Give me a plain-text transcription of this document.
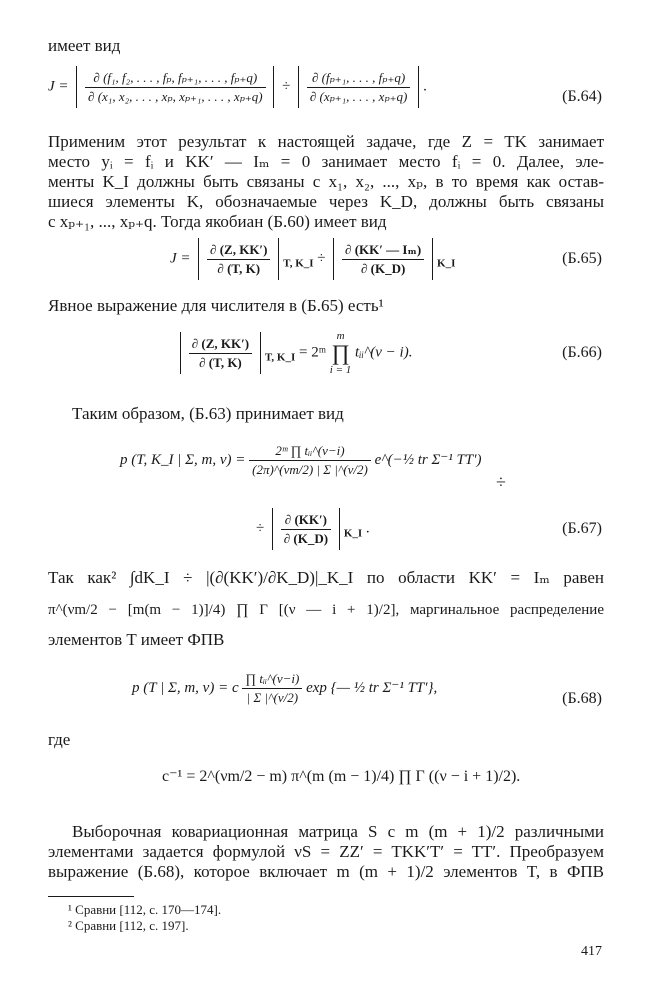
имеет вид
$J = \frac{\text{∂ (f₁, f₂, . . . , fₚ, fₚ₊₁, . . . , fₚ₊q)}}{\text{∂ (x₁, x₂, . . . , xₚ, xₚ₊₁, . . . , xₚ₊q)}} \div \frac{\text{∂ (fₚ₊₁, . . . , fₚ₊q)}}{\text{∂ (xₚ₊₁, . . . , xₚ₊q)}}$ .
(Б.64)
Применим этот результат к настоящей задаче, где Z = TK занимает
место yᵢ = fᵢ и KK′ — Iₘ = 0 занимает место fᵢ = 0. Далее, эле-
менты K_I должны быть связаны с x₁, x₂, ..., xₚ, в то время как остав-
шиеся элементы K, обозначаемые через K_D, должны быть связаны
с xₚ₊₁, ..., xₚ₊q. Тогда якобиан (Б.60) имеет вид
$J = \frac{\partial (Z, KK')}{\partial (T, K)} _{T, K\_I} \div \frac{\text{∂ (KK′ — Iₘ)}}{\partial (K\_D)} _{K\_I}$	(Б.65)
Явное выражение для числителя в (Б.65) есть¹

$\frac{\partial (Z, KK')}{\partial (T, K)} _{T, K\_I}$ = 2ᵐ m
∏
i = 1 tᵢᵢ^(ν − i).	(Б.66)
Таким образом, (Б.63) принимает вид
p (T, K_I | Σ, m, $\nu) = \frac{\text{2ᵐ ∏ tᵢᵢ\textasciicircum{}(ν−i)}}{(2\pi)\^{}(\nu m/2) | \Sigma |\^{}(\nu/2)}$ e^(−½ tr Σ⁻¹ TT′)
÷
÷ $\frac{\partial (KK')}{\partial (K\_D)} _{K\_I}$ .	(Б.67)
Так как² ∫dK_I ÷ |(∂(KK′)/∂K_D)|_K_I по области KK′ = Iₘ равен
π^(νm/2 − [m(m − 1)]/4) ∏ Γ [(ν — i + 1)/2], маргинальное распределение
элементов T имеет ФПВ
p (T | Σ, m, ν) = c $\frac{\text{∏ tᵢᵢ\textasciicircum{}(ν−i)}}{| \Sigma |\^{}(\nu/2)}$ exp {— ½ tr Σ⁻¹ TT′},
(Б.68)
где
c⁻¹ = 2^(νm/2 − m) π^(m (m − 1)/4) ∏ Γ ((ν − i + 1)/2).
Выборочная ковариационная матрица S с m (m + 1)/2 различными
элементами задается формулой νS = ZZ′ = TKK′T′ = TT′. Преобразуем
выражение (Б.68), которое включает m (m + 1)/2 элементов T, в ФПВ
¹ Сравни [112, с. 170—174].
² Сравни [112, с. 197].
417
